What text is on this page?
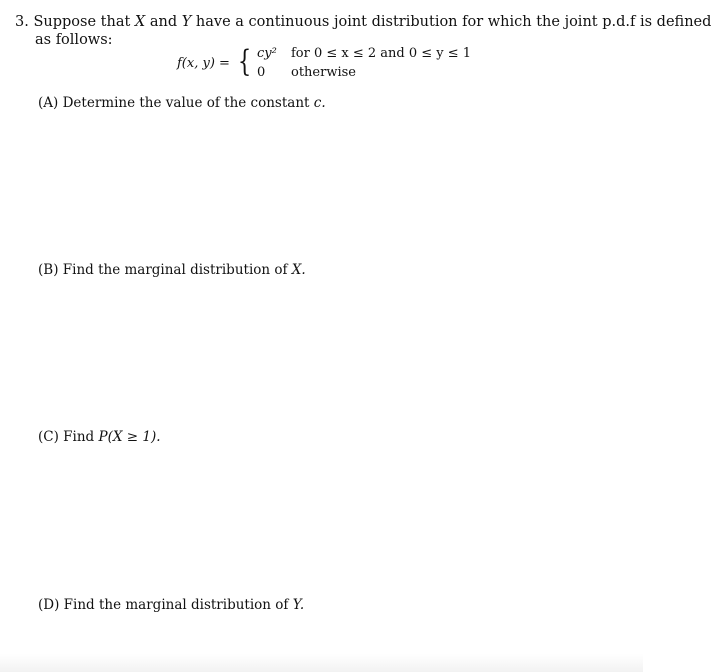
3. Suppose that X and Y have a continuous joint distribution for which the joint p.d.f is defined
as follows:
f(x, y) = { cy² for 0 ≤ x ≤ 2 and 0 ≤ y ≤ 1
0 otherwise
(A) Determine the value of the constant c.
(B) Find the marginal distribution of X.
(C) Find P(X ≥ 1).
(D) Find the marginal distribution of Y.
